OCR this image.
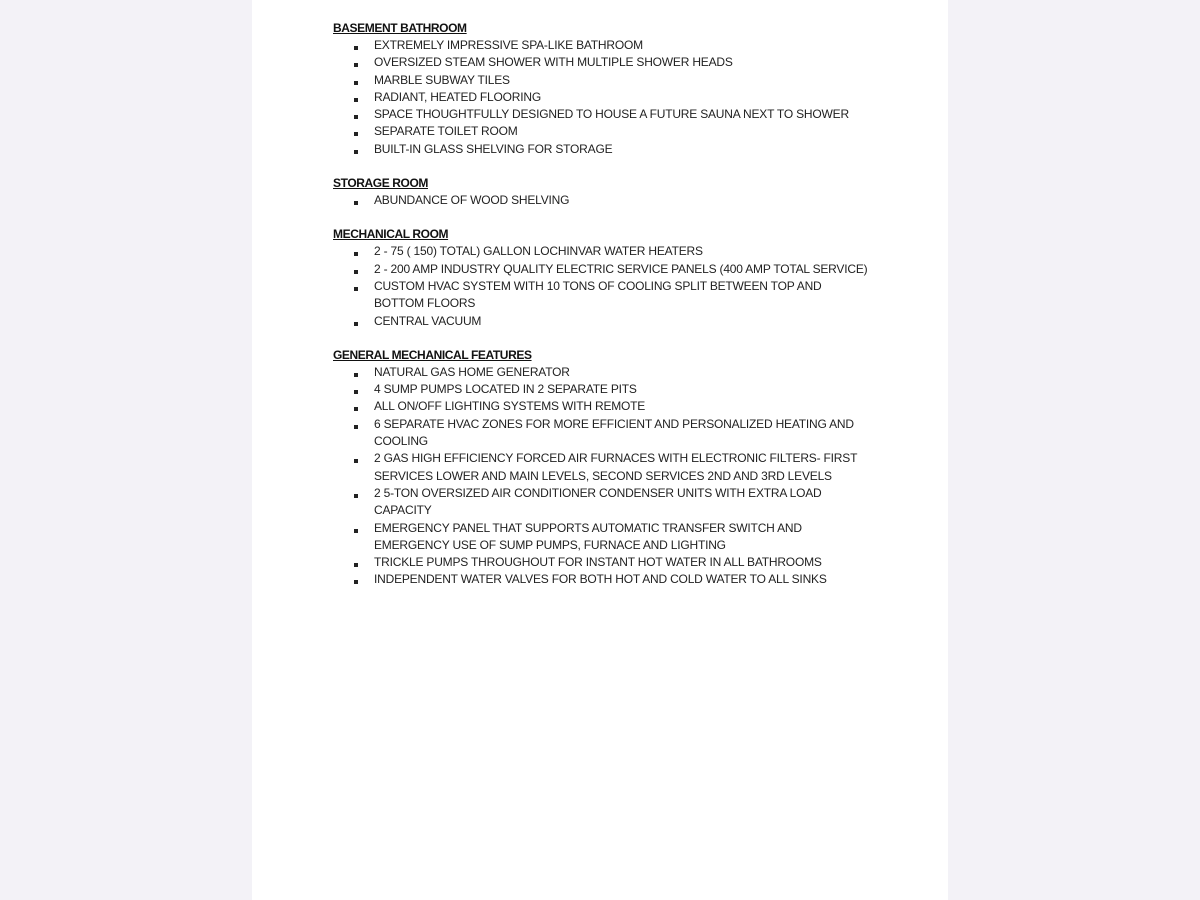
BASEMENT BATHROOM
EXTREMELY IMPRESSIVE SPA-LIKE BATHROOM
OVERSIZED STEAM SHOWER WITH MULTIPLE SHOWER HEADS
MARBLE SUBWAY TILES
RADIANT, HEATED FLOORING
SPACE THOUGHTFULLY DESIGNED TO HOUSE A FUTURE SAUNA NEXT TO SHOWER
SEPARATE TOILET ROOM
BUILT-IN GLASS SHELVING FOR STORAGE
STORAGE ROOM
ABUNDANCE OF WOOD SHELVING
MECHANICAL ROOM
2 - 75 ( 150) TOTAL) GALLON LOCHINVAR WATER HEATERS
2 - 200 AMP INDUSTRY QUALITY ELECTRIC SERVICE PANELS (400 AMP TOTAL SERVICE)
CUSTOM HVAC SYSTEM WITH 10 TONS OF COOLING SPLIT BETWEEN TOP AND BOTTOM FLOORS
CENTRAL VACUUM
GENERAL MECHANICAL FEATURES
NATURAL GAS HOME GENERATOR
4 SUMP PUMPS LOCATED IN 2 SEPARATE PITS
ALL ON/OFF LIGHTING SYSTEMS WITH REMOTE
6 SEPARATE HVAC ZONES FOR MORE EFFICIENT AND PERSONALIZED HEATING AND COOLING
2 GAS HIGH EFFICIENCY FORCED AIR FURNACES WITH ELECTRONIC FILTERS- FIRST SERVICES LOWER AND MAIN LEVELS, SECOND SERVICES 2ND AND 3RD LEVELS
2 5-TON OVERSIZED AIR CONDITIONER CONDENSER UNITS WITH EXTRA LOAD CAPACITY
EMERGENCY PANEL THAT SUPPORTS AUTOMATIC TRANSFER SWITCH AND EMERGENCY USE OF SUMP PUMPS, FURNACE AND LIGHTING
TRICKLE PUMPS THROUGHOUT FOR INSTANT HOT WATER IN ALL BATHROOMS
INDEPENDENT WATER VALVES FOR BOTH HOT AND COLD WATER TO ALL SINKS
